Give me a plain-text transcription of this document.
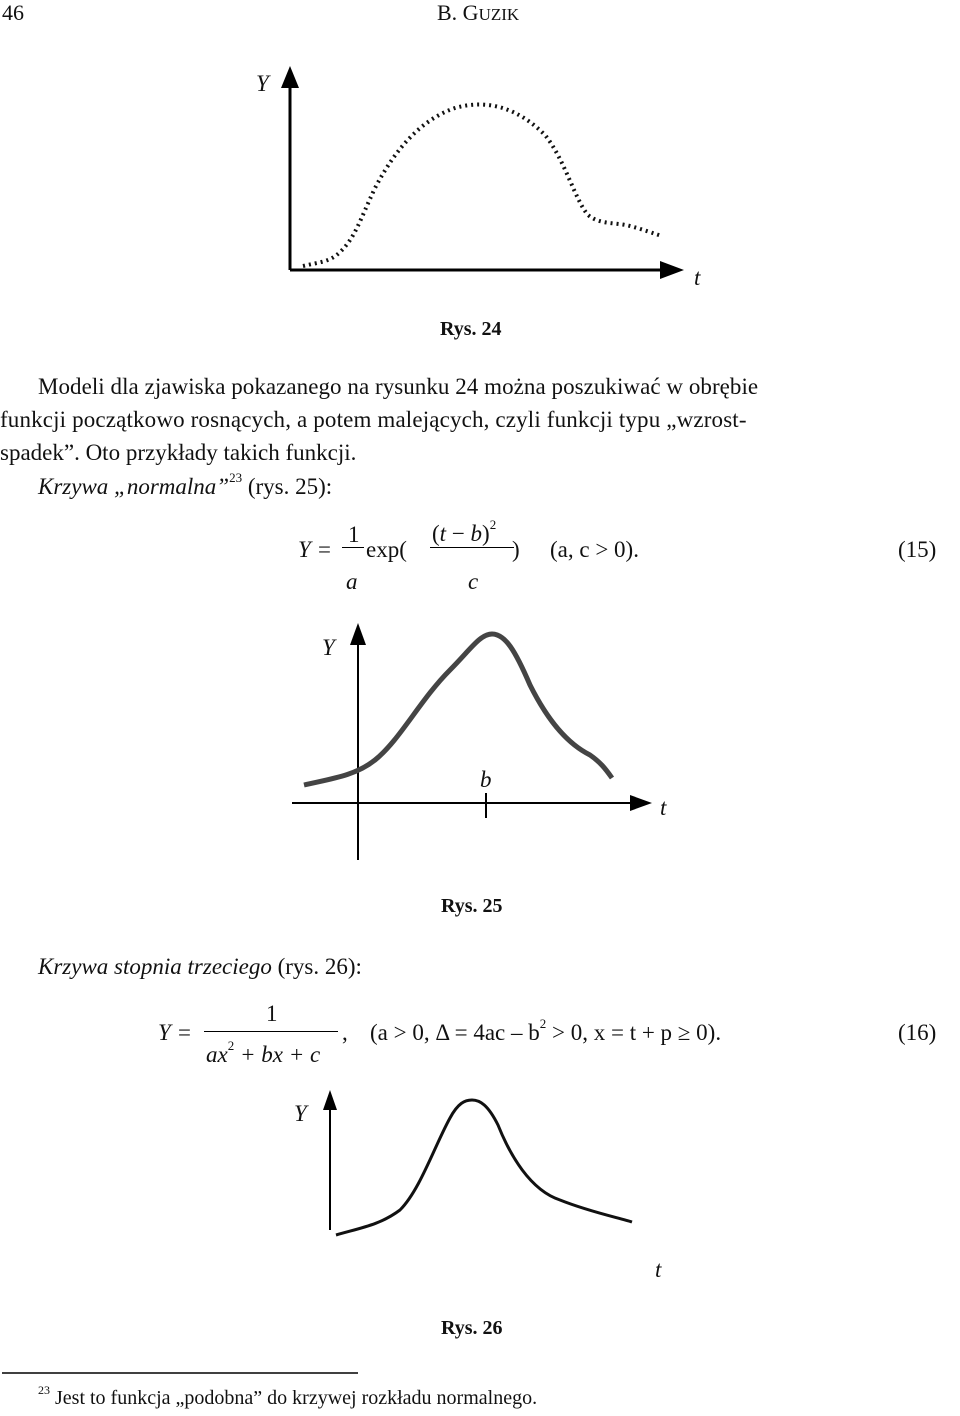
46	B. GUZIK
Y
t
Rys. 24
Modeli dla zjawiska pokazanego na rysunku 24 można poszukiwać w obrębie
funkcji początkowo rosnących, a potem malejących, czyli funkcji typu „wzrost-
spadek”. Oto przykłady takich funkcji.
Krzywa „normalna”$^{23}$ (rys. 25):
Y =
1
a
exp(
$(t - b)^2$
c
) (a, c > 0).	(15)
Y
b
t
Rys. 25
Krzywa stopnia trzeciego (rys. 26):
Y =
1
$ax^2$ + bx + c
, (a > 0, $\Delta = 4ac - b^2 > 0$, x = t + p ≥ 0).	(16)
Y
t
Rys. 26
$^{23}$ Jest to funkcja „podobna” do krzywej rozkładu normalnego.
